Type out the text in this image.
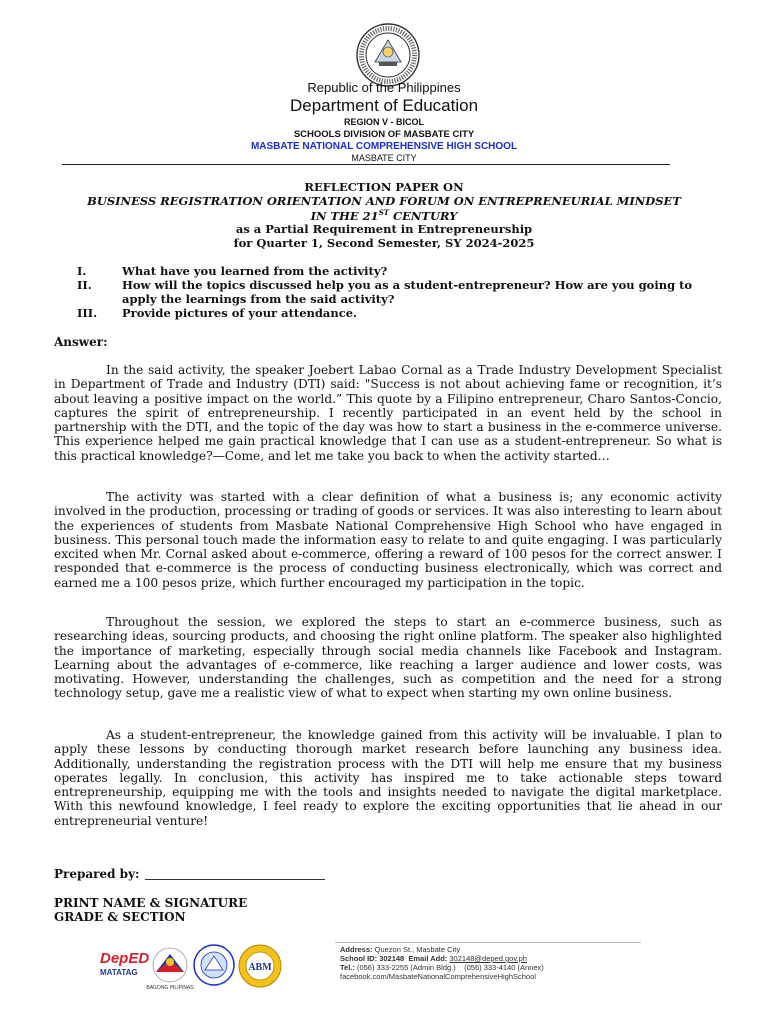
Republic of the Philippines
Department of Education
REGION V - BICOL
SCHOOLS DIVISION OF MASBATE CITY
MASBATE NATIONAL COMPREHENSIVE HIGH SCHOOL
MASBATE CITY
REFLECTION PAPER ON
BUSINESS REGISTRATION ORIENTATION AND FORUM ON ENTREPRENEURIAL MINDSET
IN THE 21ST CENTURY
as a Partial Requirement in Entrepreneurship
for Quarter 1, Second Semester, SY 2024-2025
I.	What have you learned from the activity?
II.	How will the topics discussed help you as a student-entrepreneur? How are you going to apply the learnings from the said activity?
III. Provide pictures of your attendance.
Answer:

In the said activity, the speaker Joebert Labao Cornal as a Trade Industry Development Specialist in Department of Trade and Industry (DTI) said: "Success is not about achieving fame or recognition, it’s about leaving a positive impact on the world.” This quote by a Filipino entrepreneur, Charo Santos-Concio, captures the spirit of entrepreneurship. I recently participated in an event held by the school in partnership with the DTI, and the topic of the day was how to start a business in the e-commerce universe. This experience helped me gain practical knowledge that I can use as a student-entrepreneur. So what is this practical knowledge?—Come, and let me take you back to when the activity started…

The activity was started with a clear definition of what a business is; any economic activity involved in the production, processing or trading of goods or services. It was also interesting to learn about the experiences of students from Masbate National Comprehensive High School who have engaged in business. This personal touch made the information easy to relate to and quite engaging. I was particularly excited when Mr. Cornal asked about e-commerce, offering a reward of 100 pesos for the correct answer. I responded that e-commerce is the process of conducting business electronically, which was correct and earned me a 100 pesos prize, which further encouraged my participation in the topic.

Throughout the session, we explored the steps to start an e-commerce business, such as researching ideas, sourcing products, and choosing the right online platform. The speaker also highlighted the importance of marketing, especially through social media channels like Facebook and Instagram. Learning about the advantages of e-commerce, like reaching a larger audience and lower costs, was motivating. However, understanding the challenges, such as competition and the need for a strong technology setup, gave me a realistic view of what to expect when starting my own online business.

As a student-entrepreneur, the knowledge gained from this activity will be invaluable. I plan to apply these lessons by conducting thorough market research before launching any business idea. Additionally, understanding the registration process with the DTI will help me ensure that my business operates legally. In conclusion, this activity has inspired me to take actionable steps toward entrepreneurship, equipping me with the tools and insights needed to navigate the digital marketplace. With this newfound knowledge, I feel ready to explore the exciting opportunities that lie ahead in our entrepreneurial venture!

Prepared by:
PRINT NAME & SIGNATURE
GRADE & SECTION
DepED
MATATAG
BAGONG PILIPINAS
ABM
Address: Quezon St., Masbate City
School ID: 302148 Email Add: 302148@deped.gov.ph
Tel.: (056) 333-2255 (Admin Bldg.) (056) 333-4140 (Annex)
facebook.com/MasbateNationalComprehensiveHighSchool
